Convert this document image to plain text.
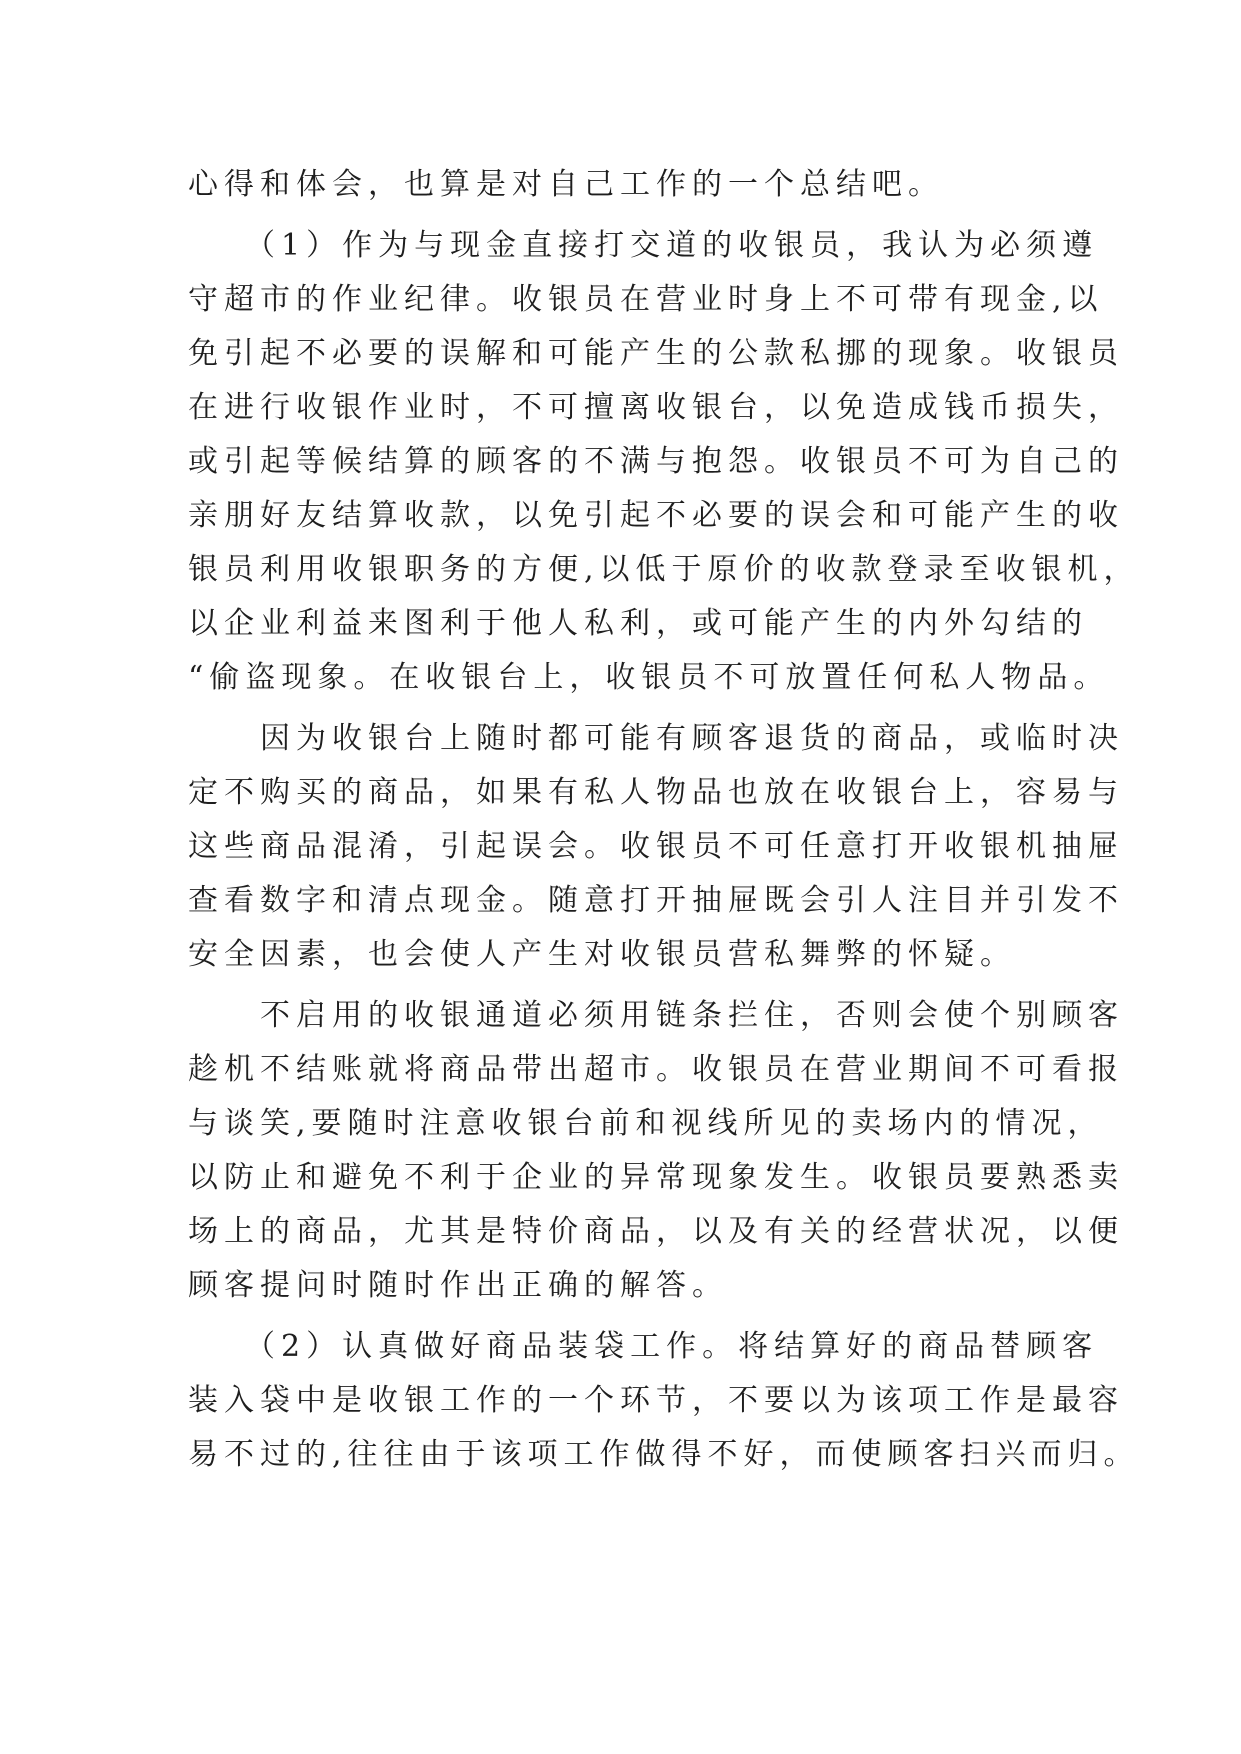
心得和体会，也算是对自己工作的一个总结吧。
　　（1）作为与现金直接打交道的收银员，我认为必须遵
守超市的作业纪律。收银员在营业时身上不可带有现金,以
免引起不必要的误解和可能产生的公款私挪的现象。收银员
在进行收银作业时，不可擅离收银台，以免造成钱币损失，
或引起等候结算的顾客的不满与抱怨。收银员不可为自己的
亲朋好友结算收款，以免引起不必要的误会和可能产生的收
银员利用收银职务的方便,以低于原价的收款登录至收银机，
以企业利益来图利于他人私利，或可能产生的内外勾结的
“偷盗现象。在收银台上，收银员不可放置任何私人物品。
　　因为收银台上随时都可能有顾客退货的商品，或临时决
定不购买的商品，如果有私人物品也放在收银台上，容易与
这些商品混淆，引起误会。收银员不可任意打开收银机抽屉
查看数字和清点现金。随意打开抽屉既会引人注目并引发不
安全因素，也会使人产生对收银员营私舞弊的怀疑。
　　不启用的收银通道必须用链条拦住，否则会使个别顾客
趁机不结账就将商品带出超市。收银员在营业期间不可看报
与谈笑,要随时注意收银台前和视线所见的卖场内的情况，
以防止和避免不利于企业的异常现象发生。收银员要熟悉卖
场上的商品，尤其是特价商品，以及有关的经营状况，以便
顾客提问时随时作出正确的解答。
　　（2）认真做好商品装袋工作。将结算好的商品替顾客
装入袋中是收银工作的一个环节，不要以为该项工作是最容
易不过的,往往由于该项工作做得不好，而使顾客扫兴而归。
